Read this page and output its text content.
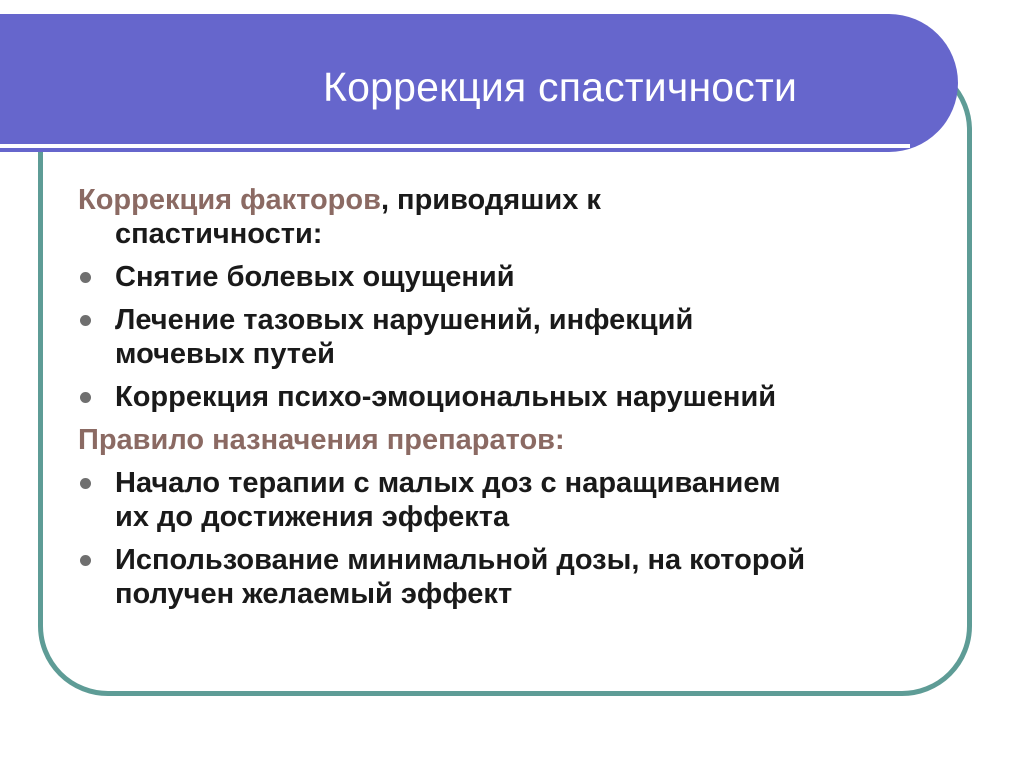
Коррекция спастичности
Коррекция факторов, приводяших к
спастичности:
Снятие болевых ощущений
Лечение тазовых нарушений, инфекций
мочевых путей
Коррекция психо-эмоциональных нарушений
Правило назначения препаратов:
Начало терапии с малых доз с наращиванием
их до достижения эффекта
Использование минимальной дозы, на которой
получен желаемый эффект
